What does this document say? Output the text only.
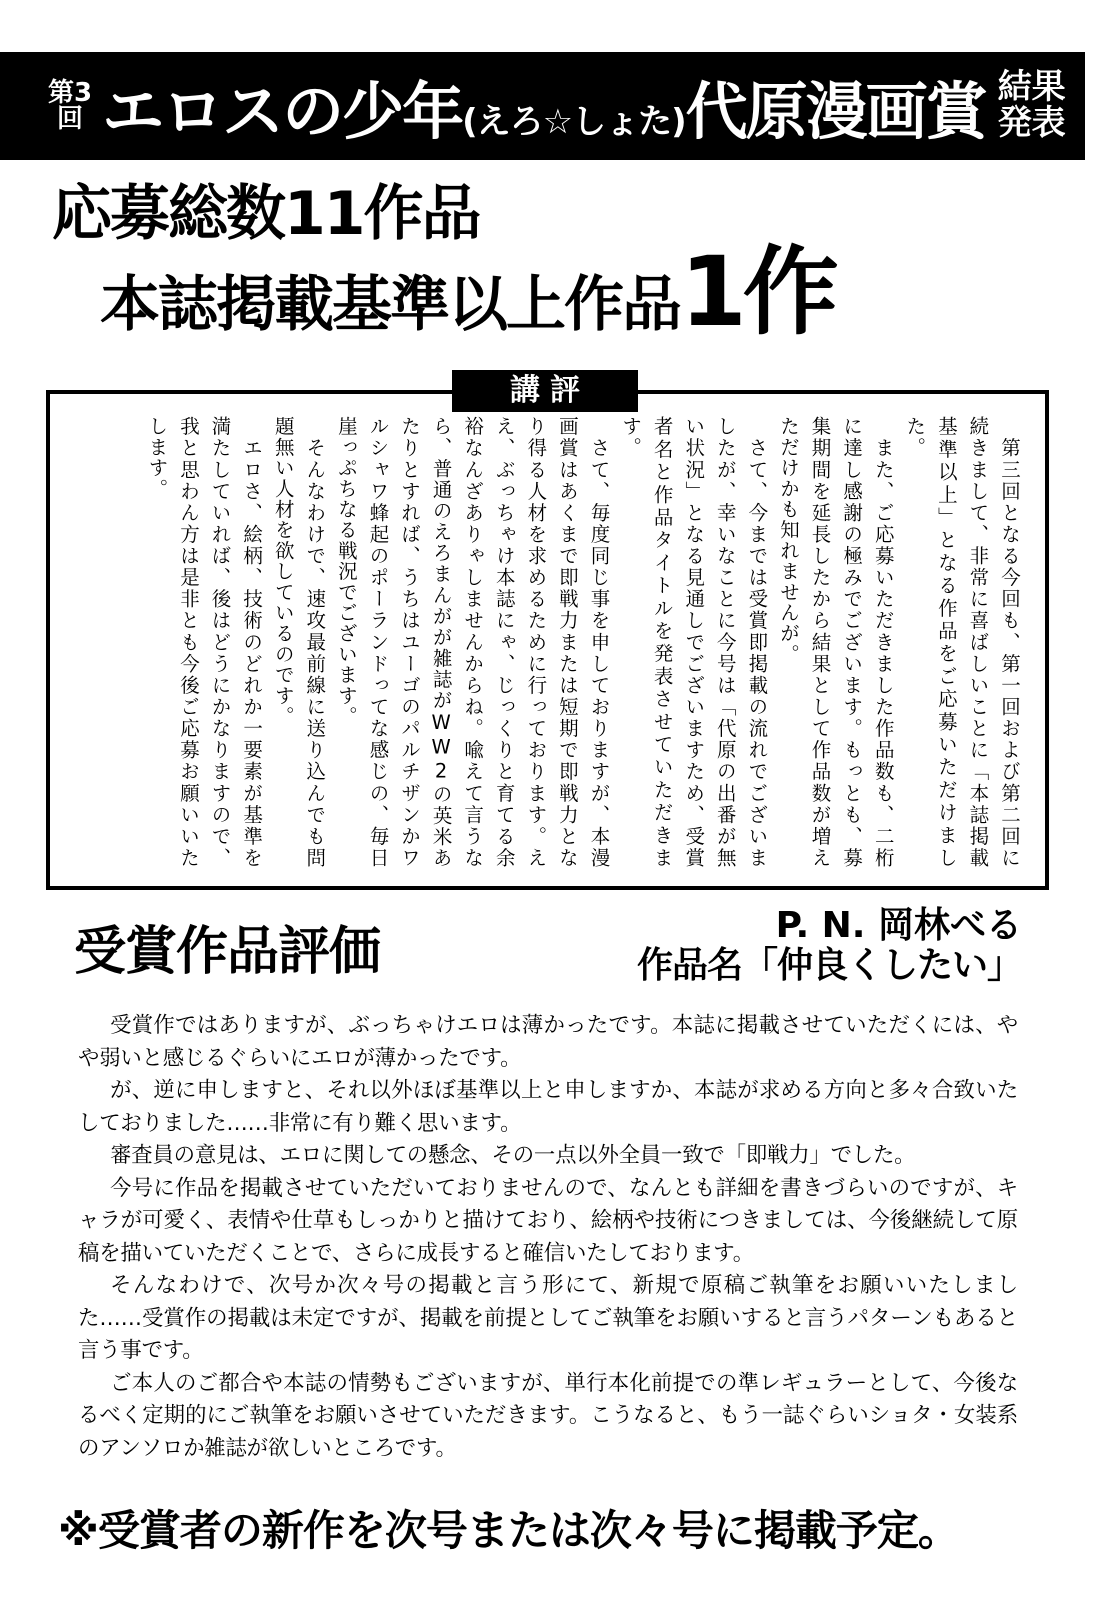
第3
回 エロスの少年 (えろ☆しょた) 代原漫画賞 結果
発表
応募総数11作品
本誌掲載基準以上作品 1作
講評
　第三回となる今回も、第一回および第二回に続きまして、非常に喜ばしいことに「本誌掲載基準以上」となる作品をご応募いただけました。
　また、ご応募いただきました作品数も、二桁に達し感謝の極みでございます。もっとも、募集期間を延長したから結果として作品数が増えただけかも知れませんが。
　さて、今までは受賞即掲載の流れでございましたが、幸いなことに今号は「代原の出番が無い状況」となる見通しでございますため、受賞者名と作品タイトルを発表させていただきます。
　さて、毎度同じ事を申しておりますが、本漫画賞はあくまで即戦力または短期で即戦力となり得る人材を求めるために行っております。ええ、ぶっちゃけ本誌にゃ、じっくりと育てる余裕なんざありゃしませんからね。喩えて言うなら、普通のえろまんがが雑誌がWW2の英米あたりとすれば、うちはユーゴのパルチザンかワルシャワ蜂起のポーランドってな感じの、毎日崖っぷちなる戦況でございます。
　そんなわけで、速攻最前線に送り込んでも問題無い人材を欲しているのです。
　エロさ、絵柄、技術のどれか一要素が基準を満たしていれば、後はどうにかなりますので、我と思わん方は是非とも今後ご応募お願いいたします。
受賞作品評価	P. N. 岡林べる
作品名「仲良くしたい」

受賞作ではありますが、ぶっちゃけエロは薄かったです。本誌に掲載させていただくには、やや弱いと感じるぐらいにエロが薄かったです。

が、逆に申しますと、それ以外ほぼ基準以上と申しますか、本誌が求める方向と多々合致いたしておりました……非常に有り難く思います。

審査員の意見は、エロに関しての懸念、その一点以外全員一致で「即戦力」でした。

今号に作品を掲載させていただいておりませんので、なんとも詳細を書きづらいのですが、キャラが可愛く、表情や仕草もしっかりと描けており、絵柄や技術につきましては、今後継続して原稿を描いていただくことで、さらに成長すると確信いたしております。

そんなわけで、次号か次々号の掲載と言う形にて、新規で原稿ご執筆をお願いいたしました……受賞作の掲載は未定ですが、掲載を前提としてご執筆をお願いすると言うパターンもあると言う事です。

ご本人のご都合や本誌の情勢もございますが、単行本化前提での準レギュラーとして、今後なるべく定期的にご執筆をお願いさせていただきます。こうなると、もう一誌ぐらいショタ・女装系のアンソロか雑誌が欲しいところです。

※受賞者の新作を次号または次々号に掲載予定。
